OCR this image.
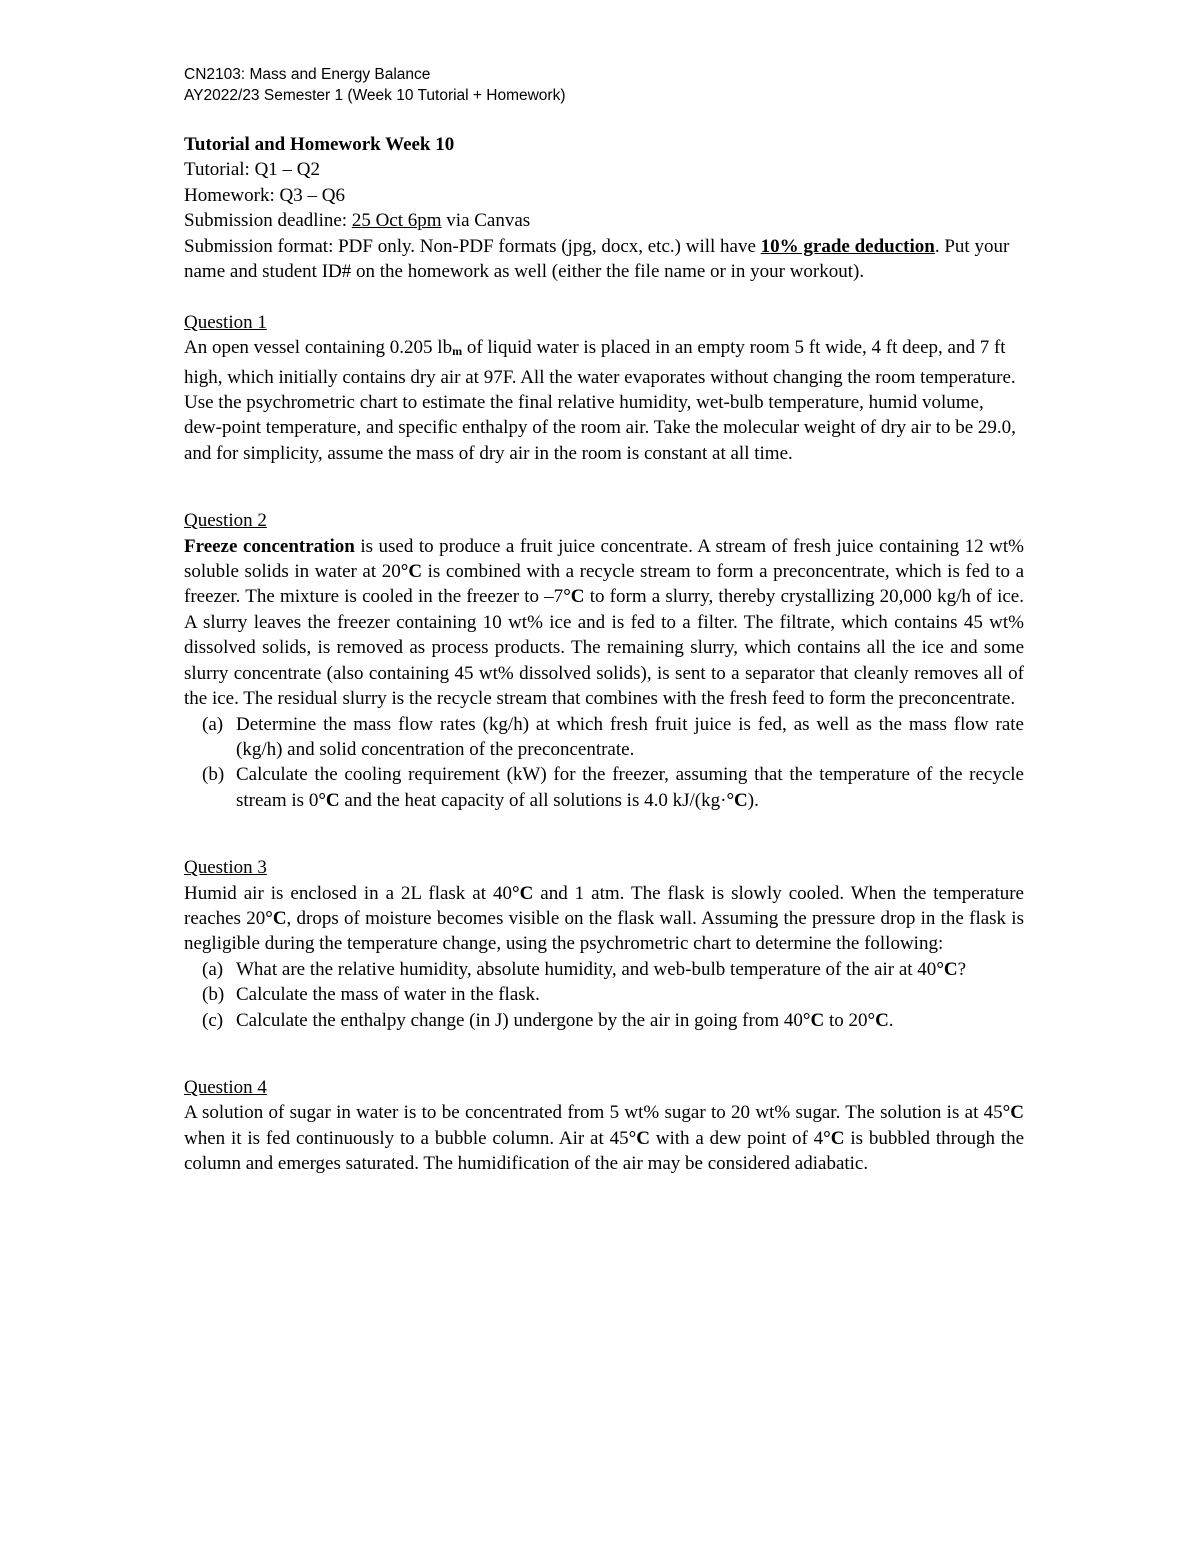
CN2103: Mass and Energy Balance
AY2022/23 Semester 1 (Week 10 Tutorial + Homework)

Tutorial and Homework Week 10

Tutorial: Q1 – Q2

Homework: Q3 – Q6

Submission deadline: 25 Oct 6pm via Canvas

Submission format: PDF only. Non-PDF formats (jpg, docx, etc.) will have 10% grade deduction. Put your name and student ID# on the homework as well (either the file name or in your workout).

Question 1

An open vessel containing 0.205 $lb_m$ of liquid water is placed in an empty room 5 ft wide, 4 ft deep, and 7 ft high, which initially contains dry air at 97F. All the water evaporates without changing the room temperature. Use the psychrometric chart to estimate the final relative humidity, wet-bulb temperature, humid volume, dew-point temperature, and specific enthalpy of the room air. Take the molecular weight of dry air to be 29.0, and for simplicity, assume the mass of dry air in the room is constant at all time.

Question 2

Freeze concentration is used to produce a fruit juice concentrate. A stream of fresh juice containing 12 wt% soluble solids in water at 20°C is combined with a recycle stream to form a preconcentrate, which is fed to a freezer. The mixture is cooled in the freezer to –7°C to form a slurry, thereby crystallizing 20,000 kg/h of ice. A slurry leaves the freezer containing 10 wt% ice and is fed to a filter. The filtrate, which contains 45 wt% dissolved solids, is removed as process products. The remaining slurry, which contains all the ice and some slurry concentrate (also containing 45 wt% dissolved solids), is sent to a separator that cleanly removes all of the ice. The residual slurry is the recycle stream that combines with the fresh feed to form the preconcentrate.

(a) Determine the mass flow rates (kg/h) at which fresh fruit juice is fed, as well as the mass flow rate (kg/h) and solid concentration of the preconcentrate.
(b) Calculate the cooling requirement (kW) for the freezer, assuming that the temperature of the recycle stream is 0°C and the heat capacity of all solutions is 4.0 kJ/(kg·°C).

Question 3

Humid air is enclosed in a 2L flask at 40°C and 1 atm. The flask is slowly cooled. When the temperature reaches 20°C, drops of moisture becomes visible on the flask wall. Assuming the pressure drop in the flask is negligible during the temperature change, using the psychrometric chart to determine the following:

(a) What are the relative humidity, absolute humidity, and web-bulb temperature of the air at 40°C?
(b) Calculate the mass of water in the flask.
(c) Calculate the enthalpy change (in J) undergone by the air in going from 40°C to 20°C.

Question 4

A solution of sugar in water is to be concentrated from 5 wt% sugar to 20 wt% sugar. The solution is at 45°C when it is fed continuously to a bubble column. Air at 45°C with a dew point of 4°C is bubbled through the column and emerges saturated. The humidification of the air may be considered adiabatic.
